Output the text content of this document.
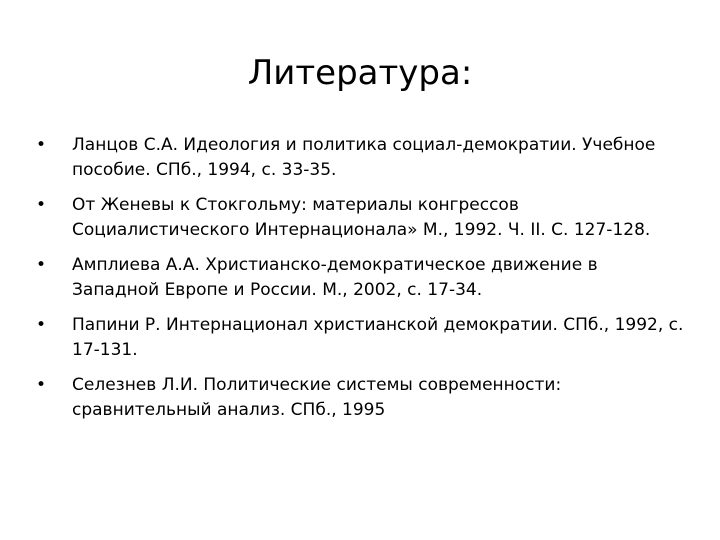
Литература:
•	Ланцов С.А. Идеология и политика социал-демократии. Учебное пособие. СПб., 1994, с. 33-35.
•	От Женевы к Стокгольму: материалы конгрессов Социалистического Интернационала» М., 1992. Ч. II. С. 127-128.
•	Амплиева А.А. Христианско-демократическое движение в Западной Европе и России. М., 2002, с. 17-34.
•	Папини Р. Интернационал христианской демократии. СПб., 1992, с. 17-131.
•	Селезнев Л.И. Политические системы современности: сравнительный анализ. СПб., 1995
